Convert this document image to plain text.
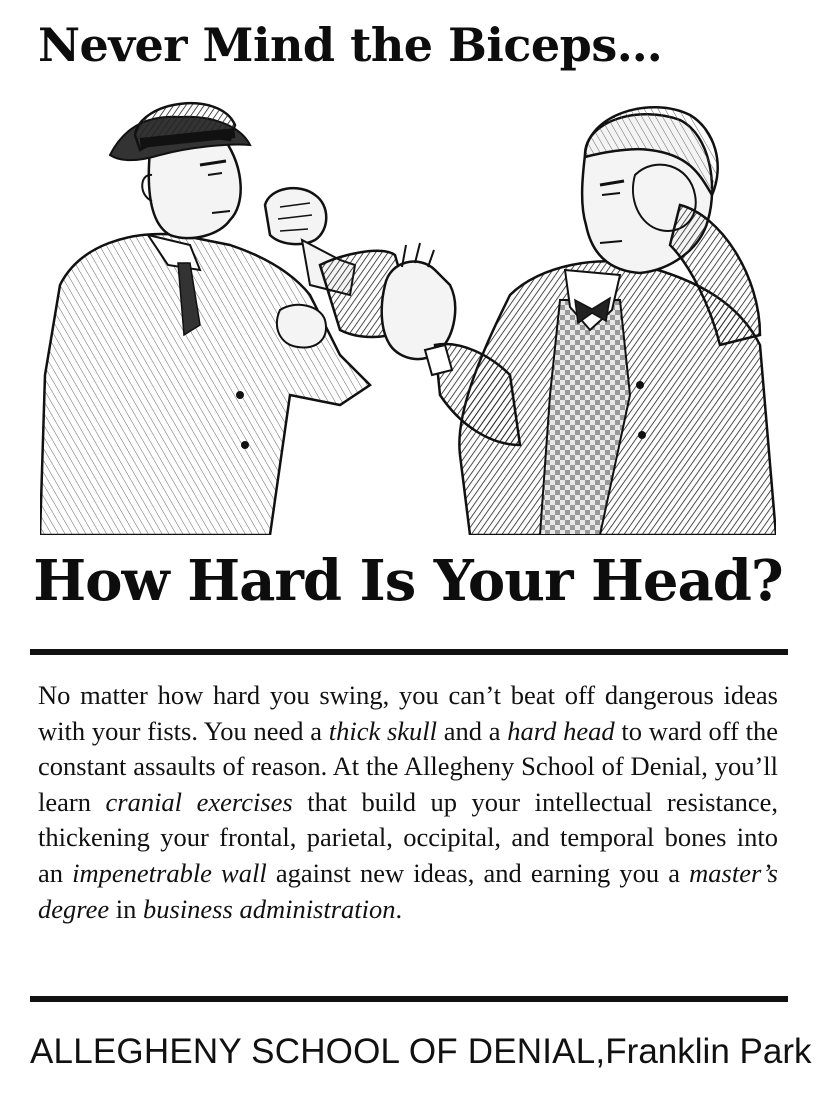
Never Mind the Biceps…
How Hard Is Your Head?
No matter how hard you swing, you can’t beat off dangerous ideas with your fists. You need a thick skull and a hard head to ward off the constant assaults of reason. At the Allegheny School of Denial, you’ll learn cranial exercises that build up your intellectual resistance, thickening your frontal, parietal, occipital, and temporal bones into an impenetrable wall against new ideas, and earning you a master’s degree in business administration.
ALLEGHENY SCHOOL OF DENIAL, Franklin Park
